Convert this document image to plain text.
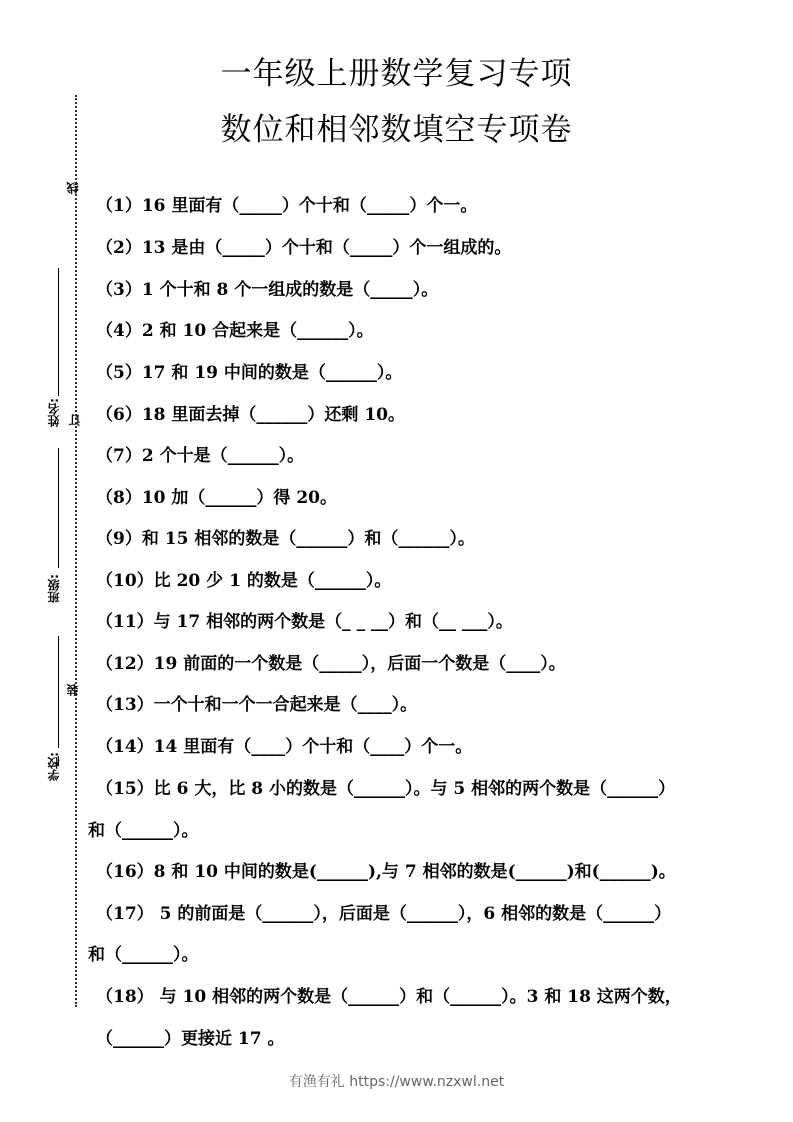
一年级上册数学复习专项
数位和相邻数填空专项卷
线
姓名: 订
班级:
装
学校:
（1）16 里面有（_____）个十和（_____）个一。
（2）13 是由（_____）个十和（_____）个一组成的。
（3）1 个十和 8 个一组成的数是（_____）。
（4）2 和 10 合起来是（______）。
（5）17 和 19 中间的数是（______）。
（6）18 里面去掉（______）还剩 10。
（7）2 个十是（______）。
（8）10 加（______）得 20。
（9）和 15 相邻的数是（______）和（______）。
（10）比 20 少 1 的数是（______）。
（11）与 17 相邻的两个数是（_ _ __）和（__ ___）。
（12）19 前面的一个数是（_____），后面一个数是（____）。
（13）一个十和一个一合起来是（____）。
（14）14 里面有（____）个十和（____）个一。
（15）比 6 大，比 8 小的数是（______）。与 5 相邻的两个数是（______）
和（______）。
（16）8 和 10 中间的数是(______),与 7 相邻的数是(______)和(______)。
（17） 5 的前面是（______），后面是（______），6 相邻的数是（______）
和（______）。
（18） 与 10 相邻的两个数是（______）和（______）。3 和 18 这两个数，
（______）更接近 17 。
有渔有礼 https://www.nzxwl.net
